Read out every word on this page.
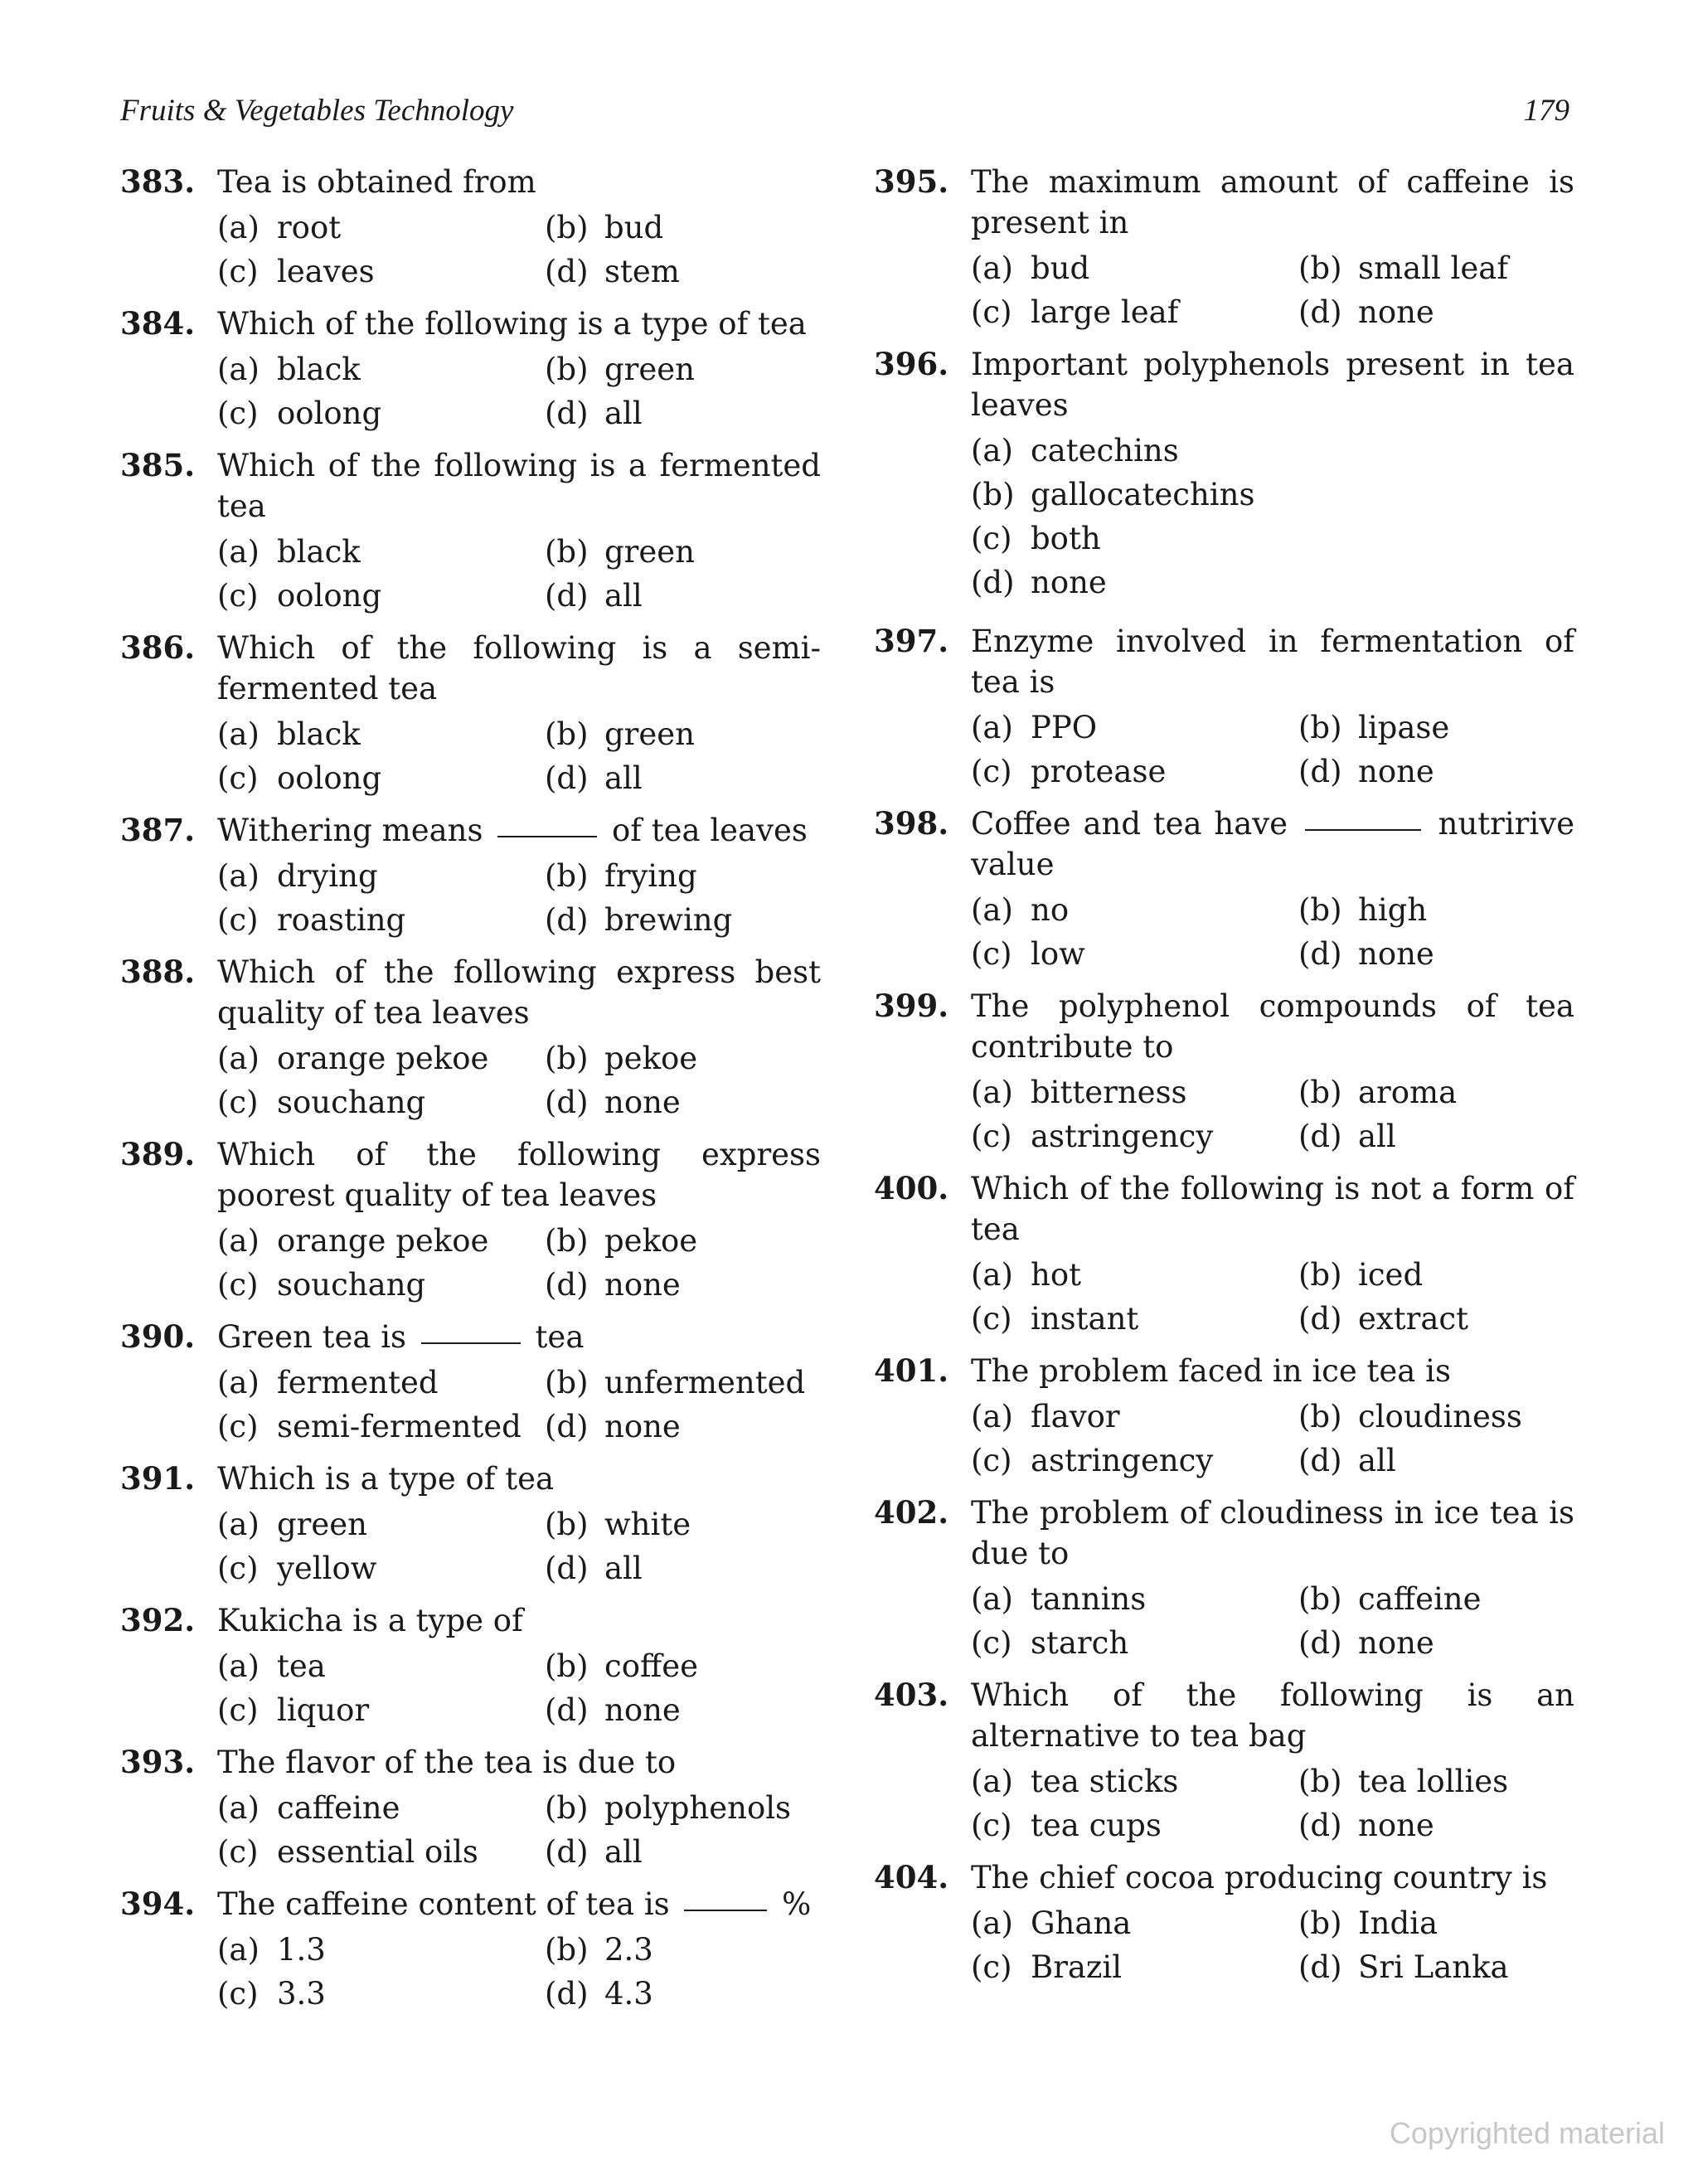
Fruits & Vegetables Technology	179
383. Tea is obtained from
(a) root	(b) bud
(c) leaves	(d) stem
384. Which of the following is a type of tea
(a) black	(b) green
(c) oolong	(d) all
385. Which of the following is a fermented tea
(a) black	(b) green
(c) oolong	(d) all
386. Which of the following is a semi-fermented tea
(a) black	(b) green
(c) oolong	(d) all
387. Withering means	of tea leaves
(a) drying	(b) frying
(c) roasting	(d) brewing
388. Which of the following express best quality of tea leaves
(a) orange pekoe	(b) pekoe
(c) souchang	(d) none
389. Which of the following express poorest quality of tea leaves
(a) orange pekoe	(b) pekoe
(c) souchang	(d) none
390. Green tea is	tea
(a) fermented	(b) unfermented
(c) semi-fermented (d) none
391. Which is a type of tea
(a) green	(b) white
(c) yellow	(d) all
392. Kukicha is a type of
(a) tea	(b) coffee
(c) liquor	(d) none
393. The flavor of the tea is due to
(a) caffeine	(b) polyphenols
(c) essential oils	(d) all
394. The caffeine content of tea is	%
(a) 1.3	(b) 2.3
(c) 3.3	(d) 4.3
395. The maximum amount of caffeine is present in
(a) bud	(b) small leaf
(c) large leaf	(d) none
396. Important polyphenols present in tea leaves
(a) catechins
(b) gallocatechins
(c) both
(d) none
397. Enzyme involved in fermentation of tea is
(a) PPO	(b) lipase
(c) protease	(d) none
398. Coffee and tea have	nutririve value
(a) no	(b) high
(c) low	(d) none
399. The polyphenol compounds of tea contribute to
(a) bitterness	(b) aroma
(c) astringency	(d) all
400. Which of the following is not a form of tea
(a) hot	(b) iced
(c) instant	(d) extract
401. The problem faced in ice tea is
(a) flavor	(b) cloudiness
(c) astringency	(d) all
402. The problem of cloudiness in ice tea is due to
(a) tannins	(b) caffeine
(c) starch	(d) none
403. Which of the following is an alternative to tea bag
(a) tea sticks	(b) tea lollies
(c) tea cups	(d) none
404. The chief cocoa producing country is
(a) Ghana	(b) India
(c) Brazil	(d) Sri Lanka
Copyrighted material
